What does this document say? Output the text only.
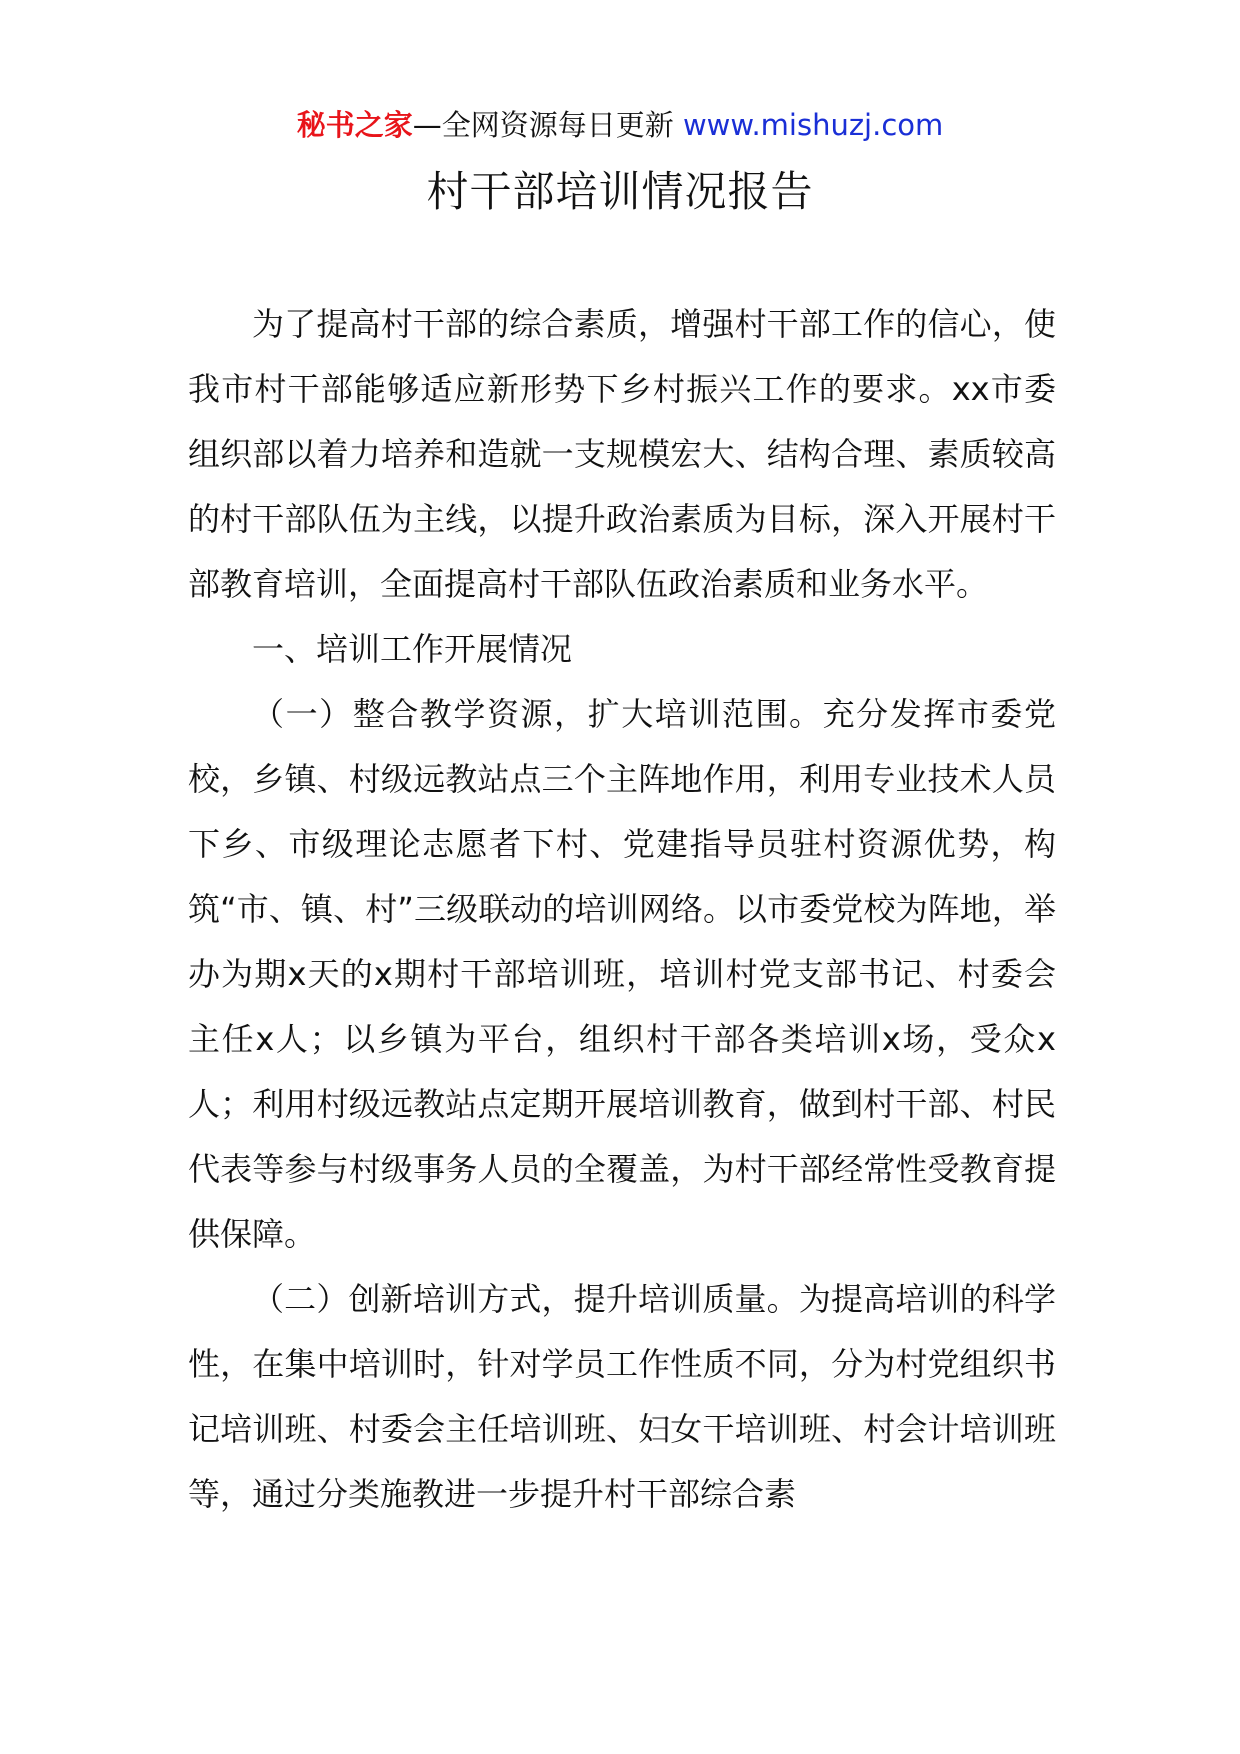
秘书之家—全网资源每日更新 www.mishuzj.com
村干部培训情况报告

为了提高村干部的综合素质，增强村干部工作的信心，使我市村干部能够适应新形势下乡村振兴工作的要求。xx市委组织部以着力培养和造就一支规模宏大、结构合理、素质较高的村干部队伍为主线，以提升政治素质为目标，深入开展村干部教育培训，全面提高村干部队伍政治素质和业务水平。

一、培训工作开展情况

（一）整合教学资源，扩大培训范围。充分发挥市委党校，乡镇、村级远教站点三个主阵地作用，利用专业技术人员下乡、市级理论志愿者下村、党建指导员驻村资源优势，构筑“市、镇、村”三级联动的培训网络。以市委党校为阵地，举办为期x天的x期村干部培训班，培训村党支部书记、村委会主任x人；以乡镇为平台，组织村干部各类培训x场，受众x人；利用村级远教站点定期开展培训教育，做到村干部、村民代表等参与村级事务人员的全覆盖，为村干部经常性受教育提供保障。

（二）创新培训方式，提升培训质量。为提高培训的科学性，在集中培训时，针对学员工作性质不同，分为村党组织书记培训班、村委会主任培训班、妇女干培训班、村会计培训班等，通过分类施教进一步提升村干部综合素
